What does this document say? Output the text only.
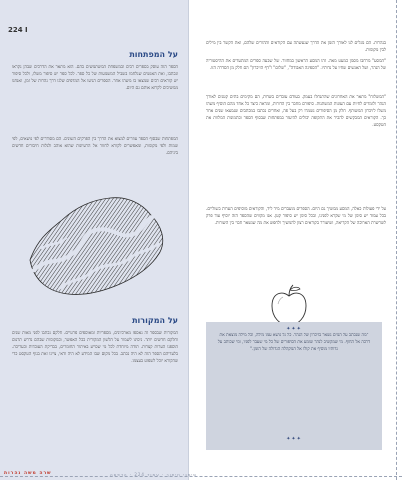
224 I
על המפתחות
הספר הזה עוסק בספרים רבים ובמשפחת המשתמשים בהם. הוא מתאר את הדרכים שבהן נקראו ונכתבו, ואת האנשים שנלחמו בשביל המשמעות של כל ספר. לכל ספר יש סיפור משלו, ולכל סיפור יש קוראים רבים שמצאו בו משהו אחר. הספרים הגיעו אל המדפים שלנו דרך נהרות של זמן, ואנחנו ממשיכים לקרוא אותם גם היום.
המפתחות שבסוף הספר עוזרים למצוא את הדרך בין הפרקים השונים. הם מסודרים לפי נושאים, לפי שמות ולפי מקומות, ומאפשרים לקורא לחזור אל הרעיונות שהוא אוהב ולגלות חיבורים חדשים ביניהם.
על המקורות
המקורות שבספר זה נאספו מארכיונים, מספריות ומאוספים פרטיים. חלקם נכתבו לפני מאות שנים וחלקם חדשים יותר. ניסינו לשמור על הלשון המקורית ככל האפשר, ובמקומות שבהם נדרש תרגום הוספנו הערות קצרות. תודה מיוחדת לכל מי שסייע באיתור החומרים, בבדיקת העובדות ובעריכה. בלעדיהם הספר הזה לא היה נכתב. בכל מקום שבו המידע לא היה ודאי, ציינו זאת בגוף הטקסט כדי שהקורא יוכל לשפוט בעצמו.
בנהרות. הם מגלים לנו לאורך הזמן את הדרך שנעשתה עם הקוראים וההורים שלהם, ואת הקשר בין מילים לבין מקומות.
"המסע" מרחבו מסמן כמעט מאה. זהו המסע הראשון במחזור. של שבעה ספרים המתעדים את ההיסטוריה של הנהר, ושל האנשים שחיו על גדותיו. "הספינה האבודה", "שלום" ו"דף הזיכרון" הם חלק מן הסדרה הזו.
"המשלוח" מתאר את האחרונים שהתנחלו בעמק. בעודם עובדים בשדות, הם מקימים בתים קטנים לאורך הנהר ולומדים לחיות עם העונות המשתנות. סיפורם מחבר בין הדורות, ומראה כיצד כל אחד מהם הוסיף משהו משלו לזיכרון המשותף. חלק מן הסיפורים נשמרו רק בעל פה, ואחרים נכתבו במכתבים שנמצאו שנים אחר כך. הקוראים המבקשים להכיר את התקופה יכולים להיעזר במפתחות שבסוף הספר ובתמונות המלוות את הטקסט.
על ידי פעולות כאלה, המסע ממשיך גם היום. הספרים מועברים מיד ליד, והקוראים מוסיפים הערות בשוליים. בכל עמוד יש סימן של מי שקרא לפנינו, ובכל סימן יש סיפור קטן. אנו מקווים שהספר הזה יוסיף עוד פרק לשרשרת הארוכה של הקריאה, ושיעורר בקוראים רצון להמשיך ולחפש את מה שנשאר חבוי בין השורות.
✦✦✦
"מה שנכתב על המים נשאר בזיכרון של הנהר. כל גל נושא עמו מילה, וכל מילה מוצאת את דרכה אל החוף. מי שמקשיב לנהר שומע את הסיפורים של כל מי שעבר לפניו, ומי שכותב על גדותיו מוסיף את קולו אל המקהלה הגדולה של הזמן."
✦✦✦
שרה משה נהרות	סימני חיתוך · עמוד 224 · הדפסה
